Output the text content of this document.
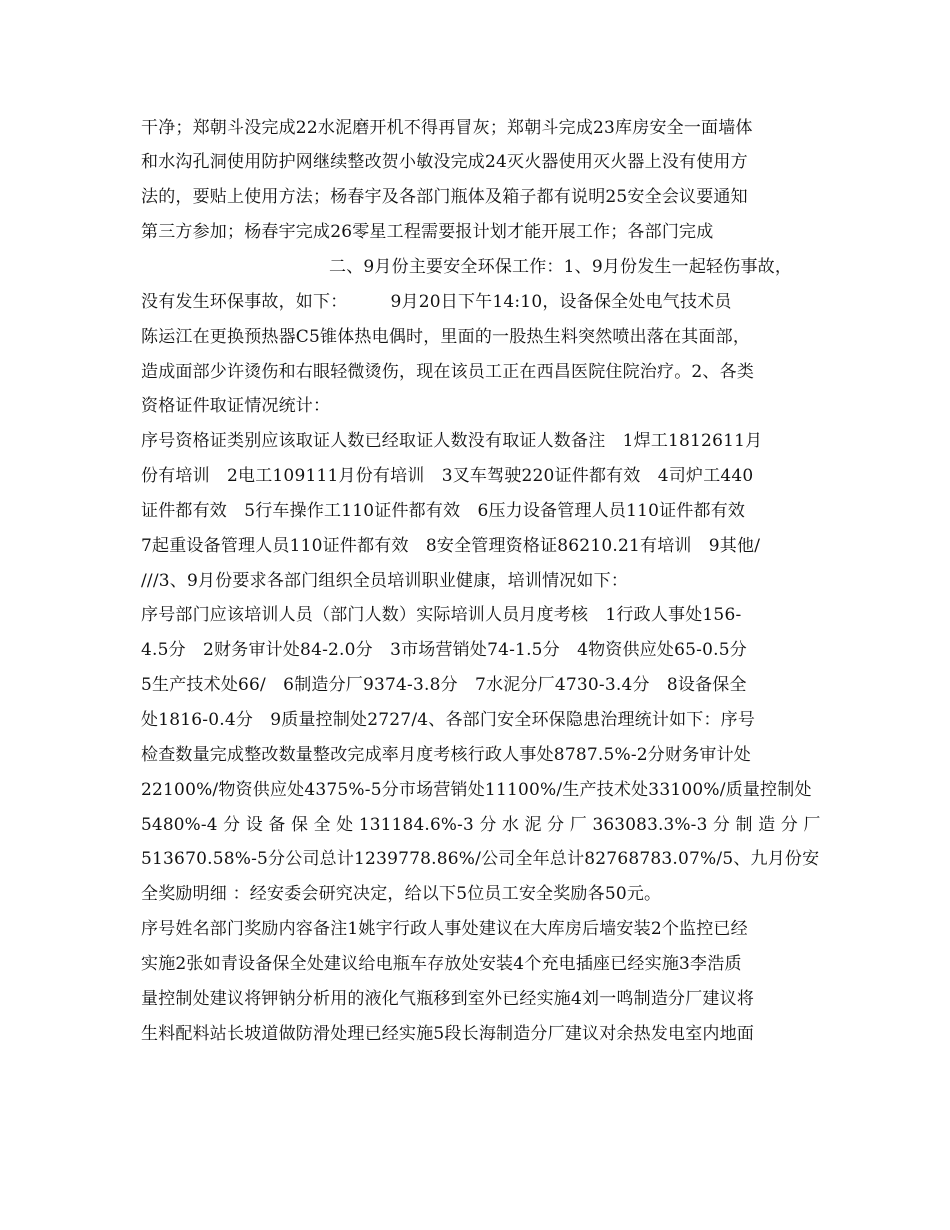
干净；郑朝斗没完成22水泥磨开机不得再冒灰；郑朝斗完成23库房安全一面墙体
和水沟孔洞使用防护网继续整改贺小敏没完成24灭火器使用灭火器上没有使用方
法的，要贴上使用方法；杨春宇及各部门瓶体及箱子都有说明25安全会议要通知
第三方参加；杨春宇完成26零星工程需要报计划才能开展工作；各部门完成
二、9月份主要安全环保工作：1、9月份发生一起轻伤事故，
没有发生环保事故，如下：　　　9月20日下午14:10，设备保全处电气技术员
陈运江在更换预热器C5锥体热电偶时，里面的一股热生料突然喷出落在其面部，
造成面部少许烫伤和右眼轻微烫伤，现在该员工正在西昌医院住院治疗。2、各类
资格证件取证情况统计：
序号资格证类别应该取证人数已经取证人数没有取证人数备注　1焊工1812611月
份有培训　2电工109111月份有培训　3叉车驾驶220证件都有效　4司炉工440
证件都有效　5行车操作工110证件都有效　6压力设备管理人员110证件都有效
7起重设备管理人员110证件都有效　8安全管理资格证86210.21有培训　9其他/
///3、9月份要求各部门组织全员培训职业健康，培训情况如下：
序号部门应该培训人员（部门人数）实际培训人员月度考核　1行政人事处156-
4.5分　2财务审计处84-2.0分　3市场营销处74-1.5分　4物资供应处65-0.5分
5生产技术处66/　6制造分厂9374-3.8分　7水泥分厂4730-3.4分　8设备保全
处1816-0.4分　9质量控制处2727/4、各部门安全环保隐患治理统计如下：序号
检查数量完成整改数量整改完成率月度考核行政人事处8787.5%-2分财务审计处
22100%/物资供应处4375%-5分市场营销处11100%/生产技术处33100%/质量控制处
5480%-4 分 设 备 保 全 处 131184.6%-3 分 水 泥 分 厂 363083.3%-3 分 制 造 分 厂
513670.58%-5分公司总计1239778.86%/公司全年总计82768783.07%/5、九月份安
全奖励明细 ：经安委会研究决定，给以下5位员工安全奖励各50元。
序号姓名部门奖励内容备注1姚宇行政人事处建议在大库房后墙安装2个监控已经
实施2张如青设备保全处建议给电瓶车存放处安装4个充电插座已经实施3李浩质
量控制处建议将钾钠分析用的液化气瓶移到室外已经实施4刘一鸣制造分厂建议将
生料配料站长坡道做防滑处理已经实施5段长海制造分厂建议对余热发电室内地面
